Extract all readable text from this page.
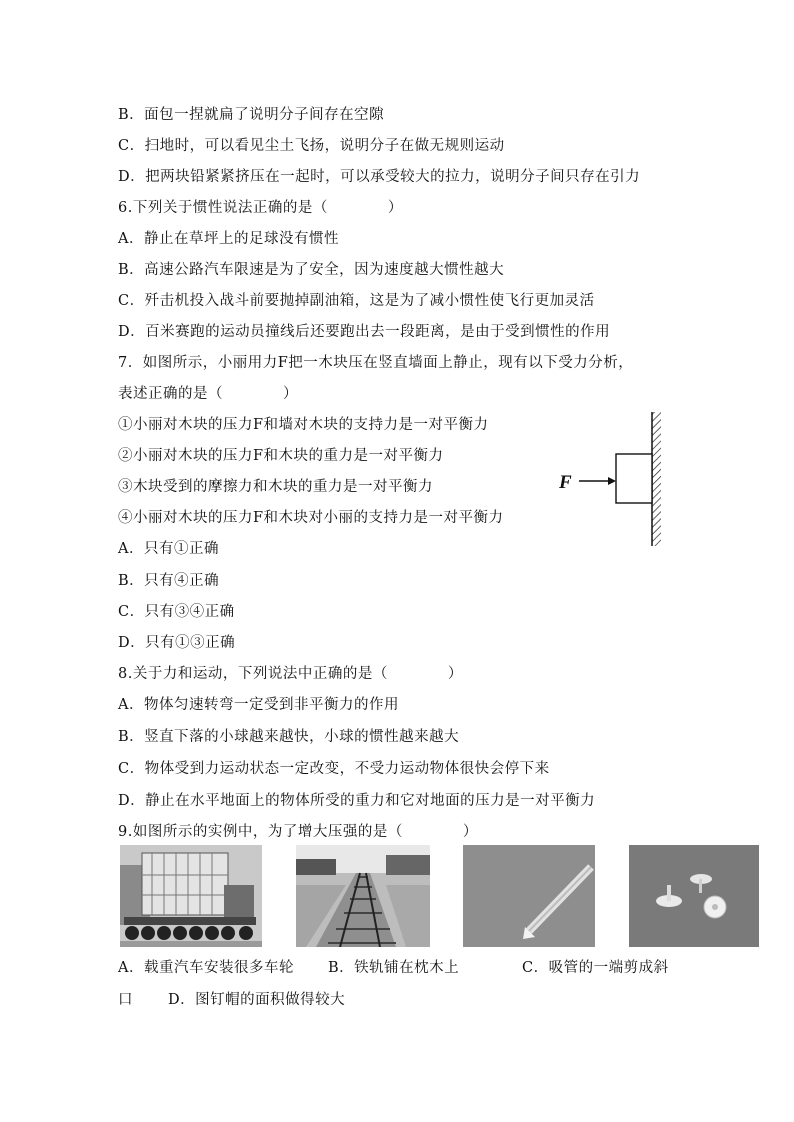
B．面包一捏就扁了说明分子间存在空隙
C．扫地时，可以看见尘土飞扬，说明分子在做无规则运动
D．把两块铅紧紧挤压在一起时，可以承受较大的拉力，说明分子间只存在引力
6.下列关于惯性说法正确的是（　　　　）
A．静止在草坪上的足球没有惯性
B．高速公路汽车限速是为了安全，因为速度越大惯性越大
C．歼击机投入战斗前要抛掉副油箱，这是为了减小惯性使飞行更加灵活
D．百米赛跑的运动员撞线后还要跑出去一段距离，是由于受到惯性的作用
7．如图所示，小丽用力F把一木块压在竖直墙面上静止，现有以下受力分析，
表述正确的是（　　　　）
①小丽对木块的压力F和墙对木块的支持力是一对平衡力
②小丽对木块的压力F和木块的重力是一对平衡力
③木块受到的摩擦力和木块的重力是一对平衡力
④小丽对木块的压力F和木块对小丽的支持力是一对平衡力
A．只有①正确
B．只有④正确
C．只有③④正确
D．只有①③正确
F
8.关于力和运动，下列说法中正确的是（　　　　）
A．物体匀速转弯一定受到非平衡力的作用
B．竖直下落的小球越来越快，小球的惯性越来越大
C．物体受到力运动状态一定改变，不受力运动物体很快会停下来
D．静止在水平地面上的物体所受的重力和它对地面的压力是一对平衡力
9.如图所示的实例中，为了增大压强的是（　　　　）
A．载重汽车安装很多车轮 B．铁轨铺在枕木上	C．吸管的一端剪成斜
口 D．图钉帽的面积做得较大
